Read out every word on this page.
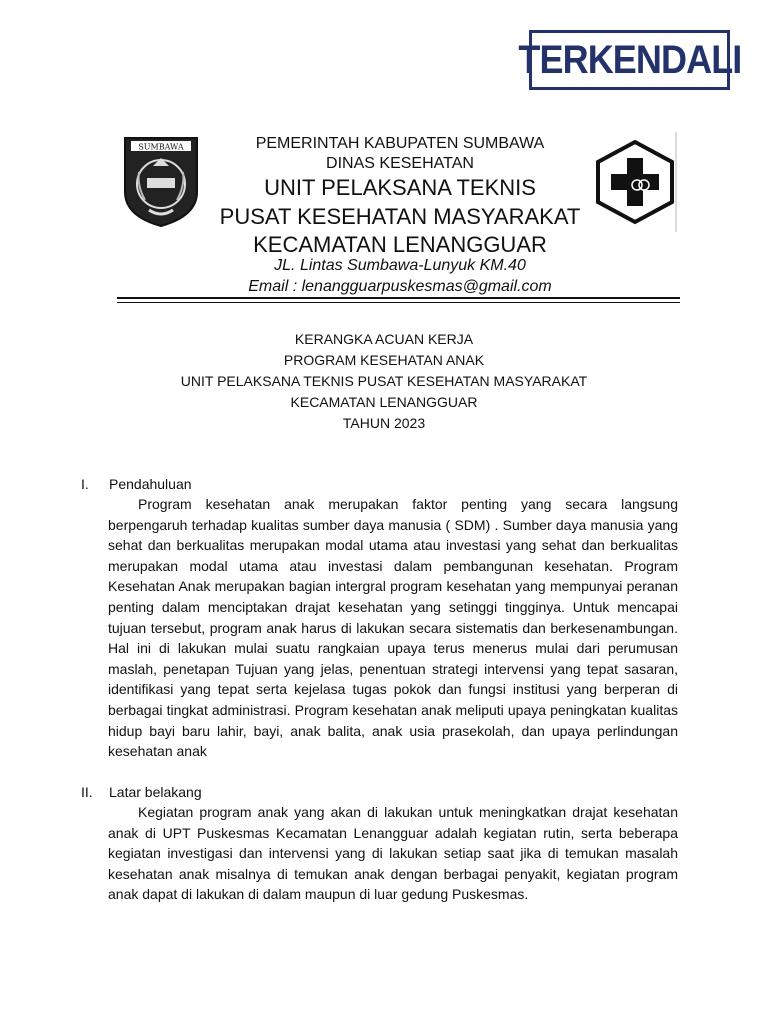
TERKENDALI
SUMBAWA	PEMERINTAH KABUPATEN SUMBAWA
DINAS KESEHATAN
UNIT PELAKSANA TEKNIS
PUSAT KESEHATAN MASYARAKAT
KECAMATAN LENANGGUAR
JL. Lintas Sumbawa-Lunyuk KM.40
Email : lenangguarpuskesmas@gmail.com
KERANGKA ACUAN KERJA
PROGRAM KESEHATAN ANAK
UNIT PELAKSANA TEKNIS PUSAT KESEHATAN MASYARAKAT
KECAMATAN LENANGGUAR
TAHUN 2023
I. Pendahuluan

Program kesehatan anak merupakan faktor penting yang secara langsung berpengaruh terhadap kualitas sumber daya manusia ( SDM) . Sumber daya manusia yang sehat dan berkualitas merupakan modal utama atau investasi yang sehat dan berkualitas merupakan modal utama atau investasi dalam pembangunan kesehatan. Program Kesehatan Anak merupakan bagian intergral program kesehatan yang mempunyai peranan penting dalam menciptakan drajat kesehatan yang setinggi tingginya. Untuk mencapai tujuan tersebut, program anak harus di lakukan secara sistematis dan berkesenambungan. Hal ini di lakukan mulai suatu rangkaian upaya terus menerus mulai dari perumusan maslah, penetapan Tujuan yang jelas, penentuan strategi intervensi yang tepat sasaran, identifikasi yang tepat serta kejelasa tugas pokok dan fungsi institusi yang berperan di berbagai tingkat administrasi. Program kesehatan anak meliputi upaya peningkatan kualitas hidup bayi baru lahir, bayi, anak balita, anak usia prasekolah, dan upaya perlindungan kesehatan anak

II. Latar belakang

Kegiatan program anak yang akan di lakukan untuk meningkatkan drajat kesehatan anak di UPT Puskesmas Kecamatan Lenangguar adalah kegiatan rutin, serta beberapa kegiatan investigasi dan intervensi yang di lakukan setiap saat jika di temukan masalah kesehatan anak misalnya di temukan anak dengan berbagai penyakit, kegiatan program anak dapat di lakukan di dalam maupun di luar gedung Puskesmas.
